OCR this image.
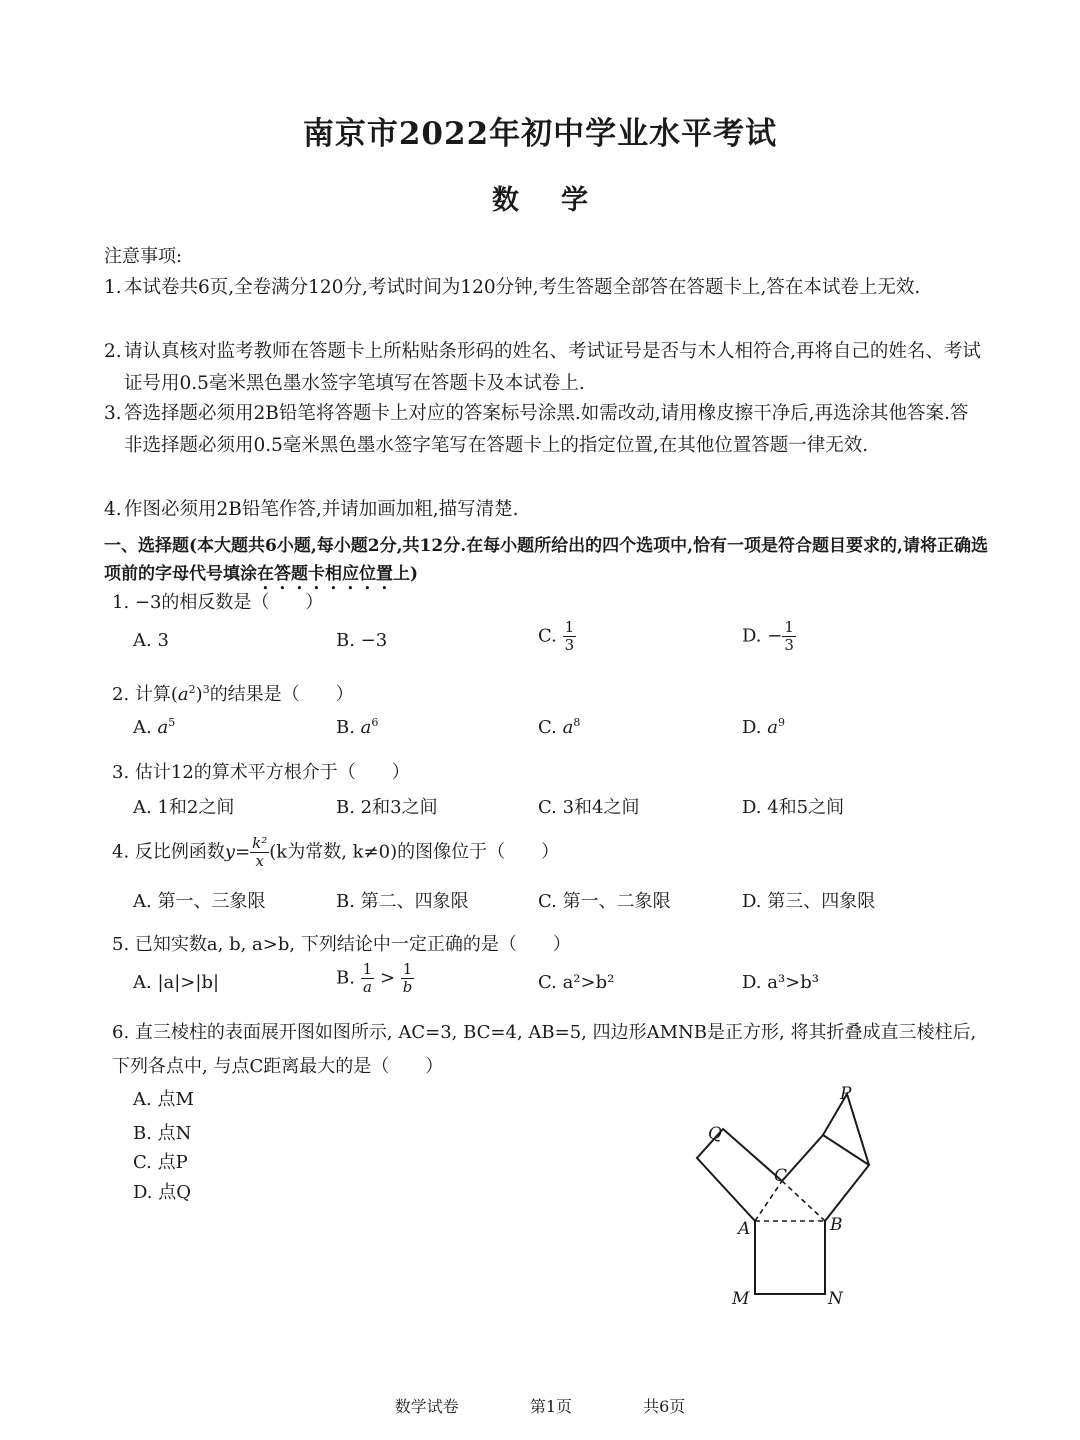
南京市2022年初中学业水平考试
数学
注意事项:
1. 本试卷共6页,全卷满分120分,考试时间为120分钟,考生答题全部答在答题卡上,答在本试卷上无效.
2. 请认真核对监考教师在答题卡上所粘贴条形码的姓名、考试证号是否与木人相符合,再将自己的姓名、考试证号用0.5毫米黑色墨水签字笔填写在答题卡及本试卷上.
3. 答选择题必须用2B铅笔将答题卡上对应的答案标号涂黑.如需改动,请用橡皮擦干净后,再选涂其他答案.答非选择题必须用0.5毫米黑色墨水签字笔写在答题卡上的指定位置,在其他位置答题一律无效.
4. 作图必须用2B铅笔作答,并请加画加粗,描写清楚.
一、选择题(本大题共6小题,每小题2分,共12分.在每小题所给出的四个选项中,恰有一项是符合题目要求的,请将正确选项前的字母代号填涂在答题卡相应位置上)
1. −3的相反数是（　　）
A. 3	B. −3	C. $\frac{1}{3}$	D. − $\frac{1}{3}$
2. 计算$(a^2)^3$的结果是（　　）
A. $a^5$	B. $a^6$	C. $a^8$	D. $a^9$
3. 估计12的算术平方根介于（　　）
A. 1和2之间	B. 2和3之间	C. 3和4之间	D. 4和5之间
4. 反比例函数$y= \frac{\text{k²}}{x} (k$为常数, k≠0)的图像位于（　　）
A. 第一、三象限	B. 第二、四象限	C. 第一、二象限	D. 第三、四象限
5. 已知实数a, b, a>b, 下列结论中一定正确的是（　　）
A. |a|>|b|	B. $\frac{1}{a} > \frac{1}{b}$	C. a²>b²	D. a³>b³
6. 直三棱柱的表面展开图如图所示, AC=3, BC=4, AB=5, 四边形AMNB是正方形, 将其折叠成直三棱柱后, 下列各点中, 与点C距离最大的是（　　）
A. 点M
B. 点N
C. 点P
D. 点Q
P
Q
C
A	B
M	N
数学试卷	第1页	共6页
